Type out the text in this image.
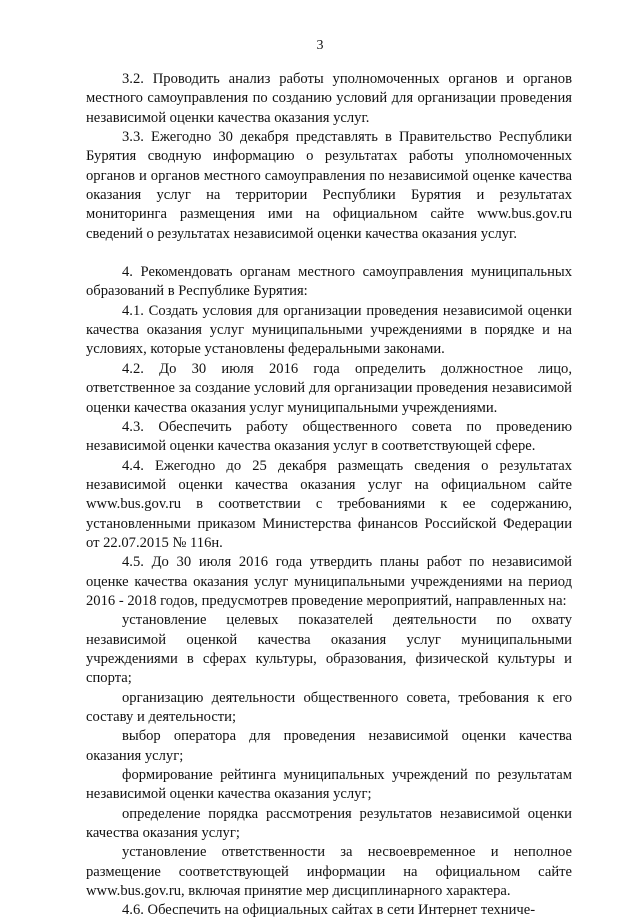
3

3.2. Проводить анализ работы уполномоченных органов и органов местного самоуправления по созданию условий для организации проведения независимой оценки качества оказания услуг.

3.3. Ежегодно 30 декабря представлять в Правительство Республики Бурятия сводную информацию о результатах работы уполномоченных органов и органов местного самоуправления по независимой оценке качества оказания услуг на территории Республики Бурятия и результатах мониторинга размещения ими на официальном сайте www.bus.gov.ru сведений о результатах независимой оценки качества оказания услуг.

4. Рекомендовать органам местного самоуправления муниципальных образований в Республике Бурятия:

4.1. Создать условия для организации проведения независимой оценки качества оказания услуг муниципальными учреждениями в порядке и на условиях, которые установлены федеральными законами.

4.2. До 30 июля 2016 года определить должностное лицо, ответственное за создание условий для организации проведения независимой оценки качества оказания услуг муниципальными учреждениями.

4.3. Обеспечить работу общественного совета по проведению независимой оценки качества оказания услуг в соответствующей сфере.

4.4. Ежегодно до 25 декабря размещать сведения о результатах независимой оценки качества оказания услуг на официальном сайте www.bus.gov.ru в соответствии с требованиями к ее содержанию, установленными приказом Министерства финансов Российской Федерации от 22.07.2015 № 116н.

4.5. До 30 июля 2016 года утвердить планы работ по независимой оценке качества оказания услуг муниципальными учреждениями на период 2016 - 2018 годов, предусмотрев проведение мероприятий, направленных на:

установление целевых показателей деятельности по охвату независимой оценкой качества оказания услуг муниципальными учреждениями в сферах культуры, образования, физической культуры и спорта;

организацию деятельности общественного совета, требования к его составу и деятельности;

выбор оператора для проведения независимой оценки качества оказания услуг;

формирование рейтинга муниципальных учреждений по результатам независимой оценки качества оказания услуг;

определение порядка рассмотрения результатов независимой оценки качества оказания услуг;

установление ответственности за несвоевременное и неполное размещение соответствующей информации на официальном сайте www.bus.gov.ru, включая принятие мер дисциплинарного характера.

4.6. Обеспечить на официальных сайтах в сети Интернет техниче-
